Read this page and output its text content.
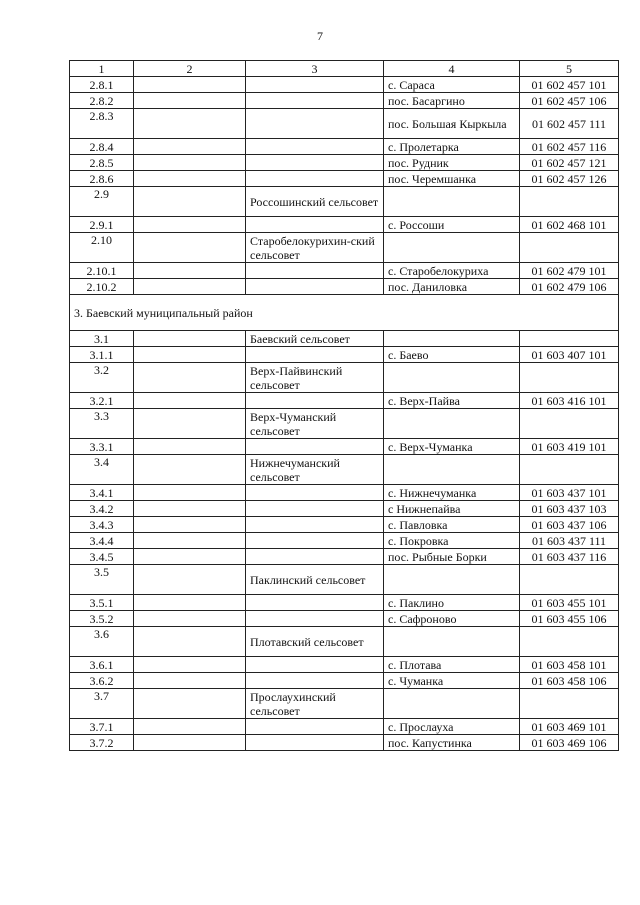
7
1	2	3	4	5
2.8.1			с. Сараса	01 602 457 101
2.8.2			пос. Басаргино	01 602 457 106
2.8.3			пос. Большая Кыркыла	01 602 457 111
2.8.4			с. Пролетарка	01 602 457 116
2.8.5			пос. Рудник	01 602 457 121
2.8.6			пос. Черемшанка	01 602 457 126
2.9		Россошинский сельсовет		
2.9.1			с. Россоши	01 602 468 101
2.10		Старобелокурихин-ский сельсовет		
2.10.1			с. Старобелокуриха	01 602 479 101
2.10.2			пос. Даниловка	01 602 479 106
3. Баевский муниципальный район				
3.1		Баевский сельсовет		
3.1.1			с. Баево	01 603 407 101
3.2		Верх-Пайвинский сельсовет		
3.2.1			с. Верх-Пайва	01 603 416 101
3.3		Верх-Чуманский сельсовет		
3.3.1			с. Верх-Чуманка	01 603 419 101
3.4		Нижнечуманский сельсовет		
3.4.1			с. Нижнечуманка	01 603 437 101
3.4.2			с Нижнепайва	01 603 437 103
3.4.3			с. Павловка	01 603 437 106
3.4.4			с. Покровка	01 603 437 111
3.4.5			пос. Рыбные Борки	01 603 437 116
3.5		Паклинский сельсовет		
3.5.1			с. Паклино	01 603 455 101
3.5.2			с. Сафроново	01 603 455 106
3.6		Плотавский сельсовет		
3.6.1			с. Плотава	01 603 458 101
3.6.2			с. Чуманка	01 603 458 106
3.7		Прослаухинский сельсовет		
3.7.1			с. Прослауха	01 603 469 101
3.7.2			пос. Капустинка	01 603 469 106
